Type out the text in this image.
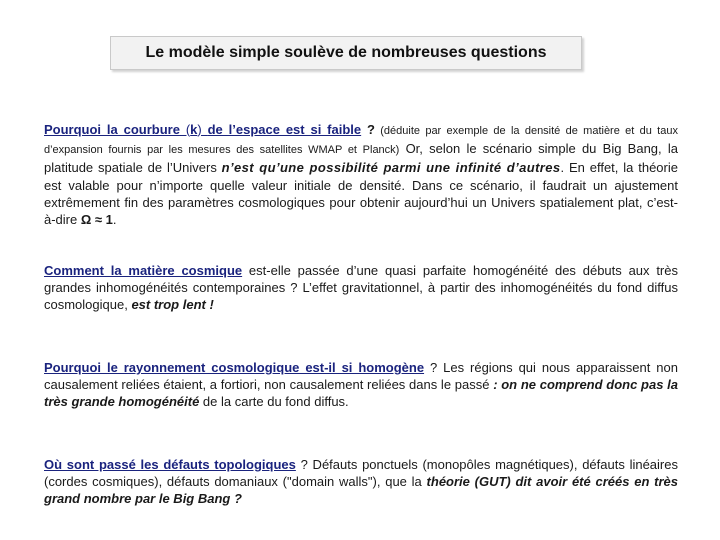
Le modèle simple soulève de nombreuses questions

Pourquoi la courbure (k) de l’espace est si faible ? (déduite par exemple de la densité de matière et du taux d’expansion fournis par les mesures des satellites WMAP et Planck) Or, selon le scénario simple du Big Bang, la platitude spatiale de l’Univers n’est qu’une possibilité parmi une infinité d’autres. En effet, la théorie est valable pour n’importe quelle valeur initiale de densité. Dans ce scénario, il faudrait un ajustement extrêmement fin des paramètres cosmologiques pour obtenir aujourd’hui un Univers spatialement plat, c’est-à-dire Ω ≈ 1.

Comment la matière cosmique est-elle passée d’une quasi parfaite homogénéité des débuts aux très grandes inhomogénéités contemporaines ? L’effet gravitationnel, à partir des inhomogénéités du fond diffus cosmologique, est trop lent !

Pourquoi le rayonnement cosmologique est-il si homogène ? Les régions qui nous apparaissent non causalement reliées étaient, a fortiori, non causalement reliées dans le passé : on ne comprend donc pas la très grande homogénéité de la carte du fond diffus.

Où sont passé les défauts topologiques ? Défauts ponctuels (monopôles magnétiques), défauts linéaires (cordes cosmiques), défauts domaniaux ("domain walls"), que la théorie (GUT) dit avoir été créés en très grand nombre par le Big Bang ?
